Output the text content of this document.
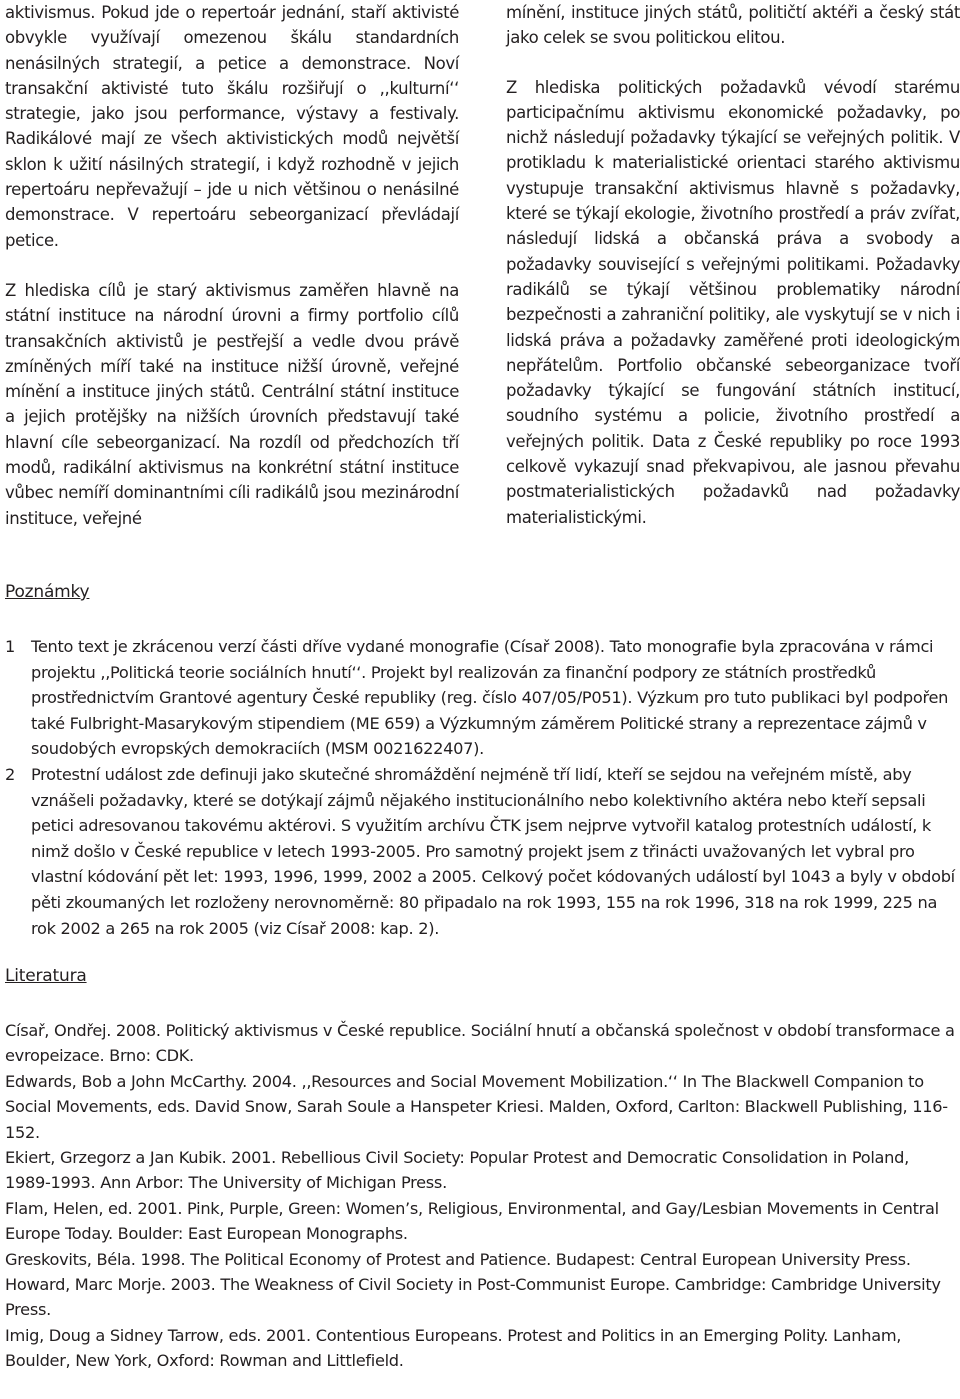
aktivismus. Pokud jde o repertoár jednání, staří aktivisté obvykle využívají omezenou škálu standardních nenásilných strategií, a petice a demonstrace. Noví transakční aktivisté tuto škálu rozšiřují o ,,kulturní‘‘ strategie, jako jsou performance, výstavy a festivaly. Radikálové mají ze všech aktivistických modů největší sklon k užití násilných strategií, i když rozhodně v jejich repertoáru nepřevažují – jde u nich většinou o nenásilné demonstrace. V repertoáru sebeorganizací převládají petice.

Z hlediska cílů je starý aktivismus zaměřen hlavně na státní instituce na národní úrovni a firmy portfolio cílů transakčních aktivistů je pestřejší a vedle dvou právě zmíněných míří také na instituce nižší úrovně, veřejné mínění a instituce jiných států. Centrální státní instituce a jejich protějšky na nižších úrovních představují také hlavní cíle sebeorganizací. Na rozdíl od předchozích tří modů, radikální aktivismus na konkrétní státní instituce vůbec nemíří dominantními cíli radikálů jsou mezinárodní instituce, veřejné

mínění, instituce jiných států, političtí aktéři a český stát jako celek se svou politickou elitou.

Z hlediska politických požadavků vévodí starému participačnímu aktivismu ekonomické požadavky, po nichž následují požadavky týkající se veřejných politik. V protikladu k materialistické orientaci starého aktivismu vystupuje transakční aktivismus hlavně s požadavky, které se týkají ekologie, životního prostředí a práv zvířat, následují lidská a občanská práva a svobody a požadavky související s veřejnými politikami. Požadavky radikálů se týkají většinou problematiky národní bezpečnosti a zahraniční politiky, ale vyskytují se v nich i lidská práva a požadavky zaměřené proti ideologickým nepřátelům. Portfolio občanské sebeorganizace tvoří požadavky týkající se fungování státních institucí, soudního systému a policie, životního prostředí a veřejných politik. Data z České republiky po roce 1993 celkově vykazují snad překvapivou, ale jasnou převahu postmaterialistických požadavků nad požadavky materialistickými.

Poznámky
1 Tento text je zkrácenou verzí části dříve vydané monografie (Císař 2008). Tato monografie byla zpracována v rámci projektu ,,Politická teorie sociálních hnutí‘‘. Projekt byl realizován za finanční podpory ze státních prostředků prostřednictvím Grantové agentury České republiky (reg. číslo 407/05/P051). Výzkum pro tuto publikaci byl podpořen také Fulbright-Masarykovým stipendiem (ME 659) a Výzkumným záměrem Politické strany a reprezentace zájmů v soudobých evropských demokraciích (MSM 0021622407).
2 Protestní událost zde definuji jako skutečné shromáždění nejméně tří lidí, kteří se sejdou na veřejném místě, aby vznášeli požadavky, které se dotýkají zájmů nějakého institucionálního nebo kolektivního aktéra nebo kteří sepsali petici adresovanou takovému aktérovi. S využitím archívu ČTK jsem nejprve vytvořil katalog protestních událostí, k nimž došlo v České republice v letech 1993-2005. Pro samotný projekt jsem z třinácti uvažovaných let vybral pro vlastní kódování pět let: 1993, 1996, 1999, 2002 a 2005. Celkový počet kódovaných událostí byl 1043 a byly v období pěti zkoumaných let rozloženy nerovnoměrně: 80 připadalo na rok 1993, 155 na rok 1996, 318 na rok 1999, 225 na rok 2002 a 265 na rok 2005 (viz Císař 2008: kap. 2).
Literatura
Císař, Ondřej. 2008. Politický aktivismus v České republice. Sociální hnutí a občanská společnost v období transformace a evropeizace. Brno: CDK.
Edwards, Bob a John McCarthy. 2004. ,,Resources and Social Movement Mobilization.‘‘ In The Blackwell Companion to Social Movements, eds. David Snow, Sarah Soule a Hanspeter Kriesi. Malden, Oxford, Carlton: Blackwell Publishing, 116-152.
Ekiert, Grzegorz a Jan Kubik. 2001. Rebellious Civil Society: Popular Protest and Democratic Consolidation in Poland, 1989-1993. Ann Arbor: The University of Michigan Press.
Flam, Helen, ed. 2001. Pink, Purple, Green: Women’s, Religious, Environmental, and Gay/Lesbian Movements in Central Europe Today. Boulder: East European Monographs.
Greskovits, Béla. 1998. The Political Economy of Protest and Patience. Budapest: Central European University Press.
Howard, Marc Morje. 2003. The Weakness of Civil Society in Post-Communist Europe. Cambridge: Cambridge University Press.
Imig, Doug a Sidney Tarrow, eds. 2001. Contentious Europeans. Protest and Politics in an Emerging Polity. Lanham, Boulder, New York, Oxford: Rowman and Littlefield.
